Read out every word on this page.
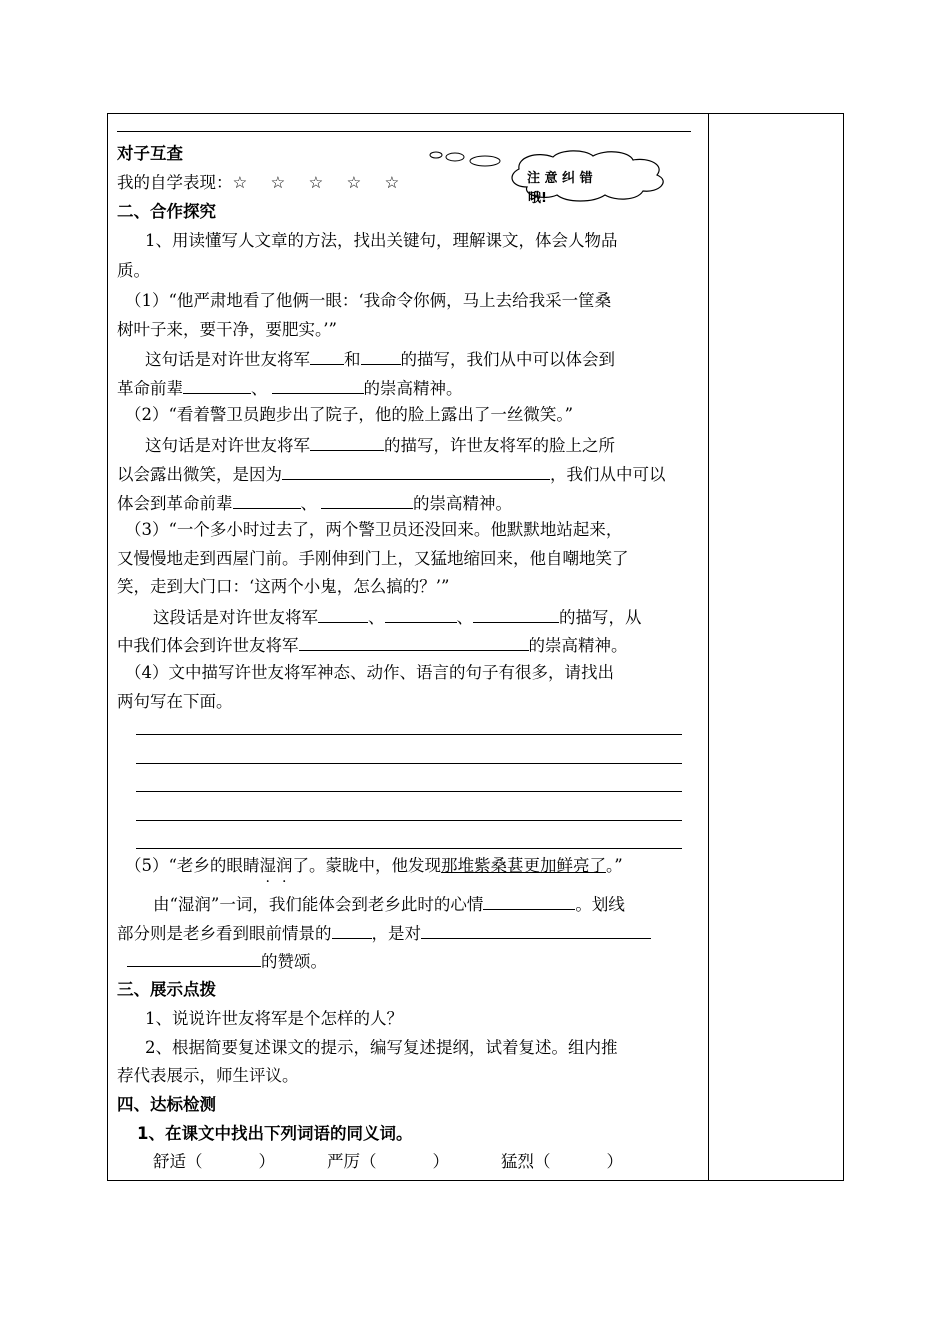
注 意 纠 错
哦!
对子互查
我的自学表现：☆ ☆ ☆ ☆ ☆
二、合作探究
1、用读懂写人文章的方法，找出关键句，理解课文，体会人物品
质。
（1）“他严肃地看了他俩一眼：‘我命令你俩，马上去给我采一筐桑
树叶子来，要干净，要肥实。’”
这句话是对许世友将军 和 的描写，我们从中可以体会到
革命前辈	、	的崇高精神。
（2）“看着警卫员跑步出了院子，他的脸上露出了一丝微笑。”
这句话是对许世友将军	的描写，许世友将军的脸上之所
以会露出微笑，是因为	，我们从中可以
体会到革命前辈	、	的崇高精神。
（3）“一个多小时过去了，两个警卫员还没回来。他默默地站起来，
又慢慢地走到西屋门前。手刚伸到门上，又猛地缩回来，他自嘲地笑了
笑，走到大门口：‘这两个小鬼，怎么搞的？’”
这段话是对许世友将军	、	、	的描写，从
中我们体会到许世友将军	的崇高精神。
（4）文中描写许世友将军神态、动作、语言的句子有很多，请找出
两句写在下面。
（5）“老乡的眼睛湿润了。蒙眬中，他发现那堆紫桑葚更加鲜亮了。”
由“湿润”一词，我们能体会到老乡此时的心情	。划线
部分则是老乡看到眼前情景的 ，是对
的赞颂。
三、展示点拨
1、说说许世友将军是个怎样的人？
2、根据简要复述课文的提示，编写复述提纲，试着复述。组内推
荐代表展示，师生评议。
四、达标检测
1、在课文中找出下列词语的同义词。
舒适（	）	严厉（	）	猛烈（	）
